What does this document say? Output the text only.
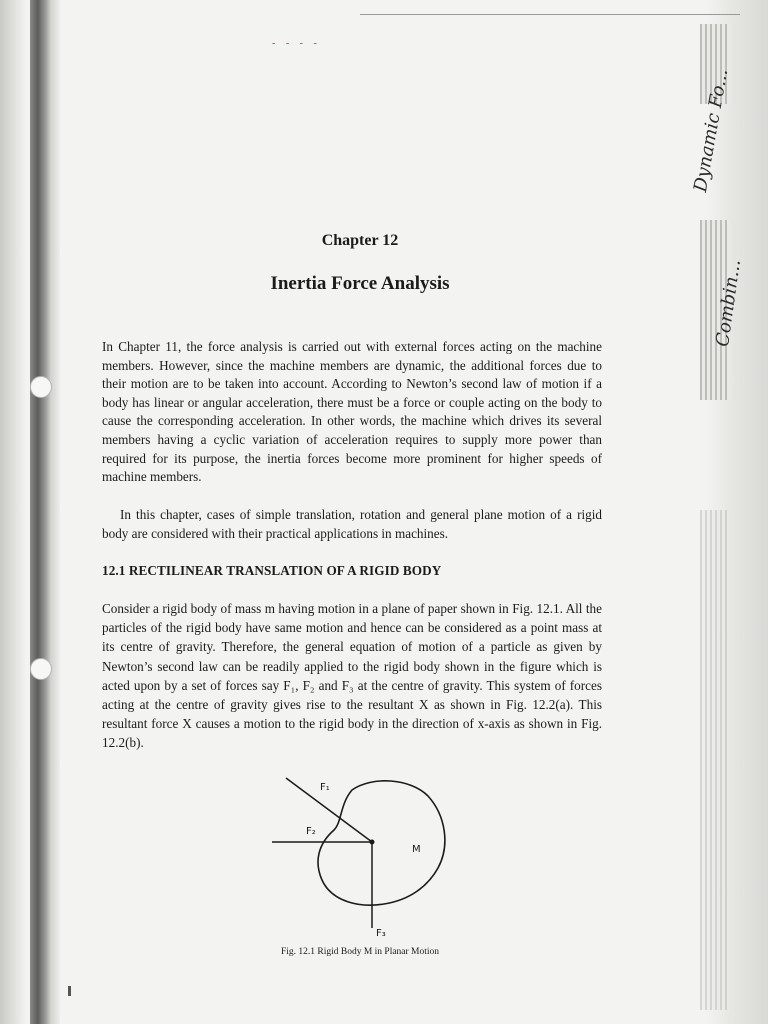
- - - -
Dynamic Fo...
Combin...
Chapter 12
Inertia Force Analysis

In Chapter 11, the force analysis is carried out with external forces acting on the machine members. However, since the machine members are dynamic, the additional forces due to their motion are to be taken into account. According to Newton’s second law of motion if a body has linear or angular acceleration, there must be a force or couple acting on the body to cause the corresponding acceleration. In other words, the machine which drives its several members having a cyclic variation of acceleration requires to supply more power than required for its purpose, the inertia forces become more prominent for higher speeds of machine members.

In this chapter, cases of simple translation, rotation and general plane motion of a rigid body are considered with their practical applications in machines.

12.1 RECTILINEAR TRANSLATION OF A RIGID BODY

Consider a rigid body of mass m having motion in a plane of paper shown in Fig. 12.1. All the particles of the rigid body have same motion and hence can be considered as a point mass at its centre of gravity. Therefore, the general equation of motion of a particle as given by Newton’s second law can be readily applied to the rigid body shown in the figure which is acted upon by a set of forces say F₁, F₂ and F₃ at the centre of gravity. This system of forces acting at the centre of gravity gives rise to the resultant X as shown in Fig. 12.2(a). This resultant force X causes a motion to the rigid body in the direction of x-axis as shown in Fig. 12.2(b).

F₁
F₂
F₃
M
Fig. 12.1 Rigid Body M in Planar Motion
